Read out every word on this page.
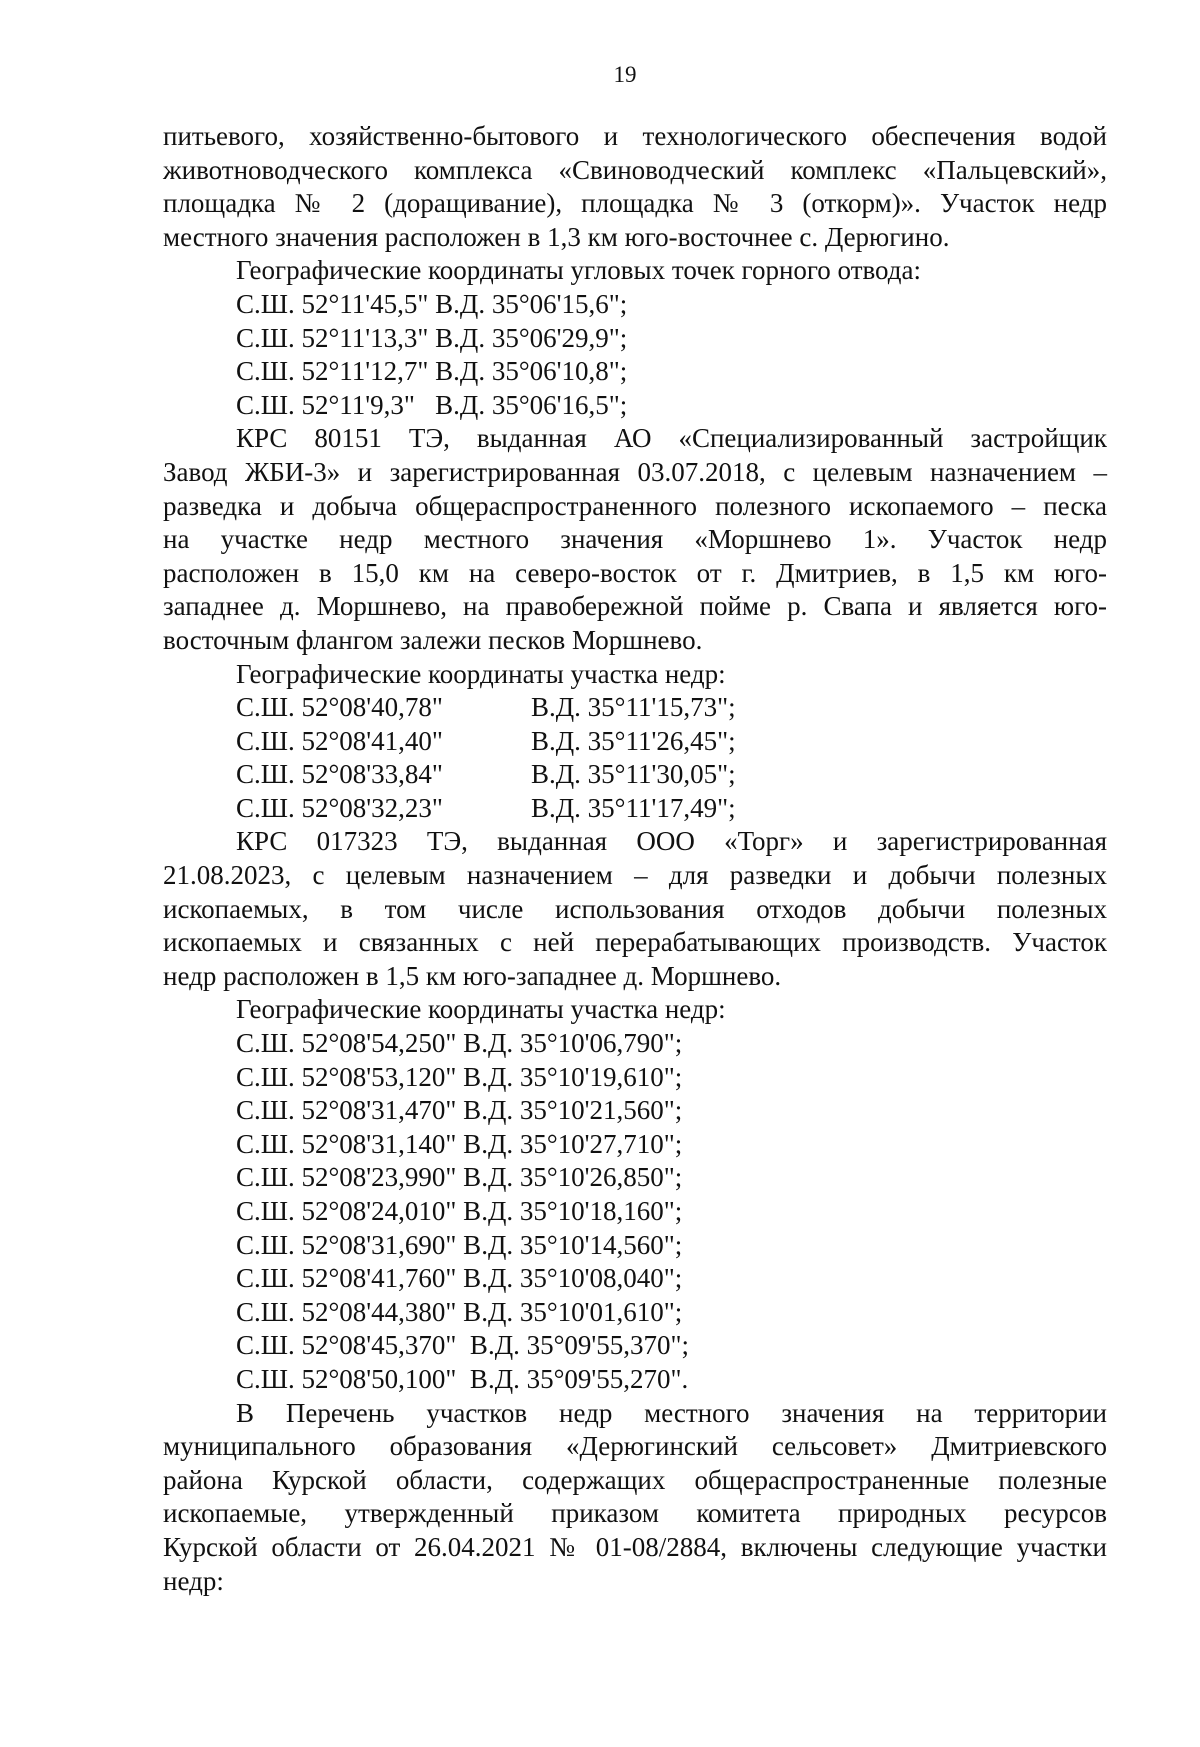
19

питьевого, хозяйственно-бытового и технологического обеспечения водой
животноводческого комплекса «Свиноводческий комплекс «Пальцевский»,
площадка № 2 (доращивание), площадка № 3 (откорм)». Участок недр
местного значения расположен в 1,3 км юго-восточнее с. Дерюгино.

Географические координаты угловых точек горного отвода:
С.Ш. 52°11'45,5" В.Д. 35°06'15,6";
С.Ш. 52°11'13,3" В.Д. 35°06'29,9";
С.Ш. 52°11'12,7" В.Д. 35°06'10,8";
С.Ш. 52°11'9,3"   В.Д. 35°06'16,5";

КРС 80151 ТЭ, выданная АО «Специализированный застройщик
Завод ЖБИ-3» и зарегистрированная 03.07.2018, с целевым назначением –
разведка и добыча общераспространенного полезного ископаемого – песка
на участке недр местного значения «Моршнево 1». Участок недр
расположен в 15,0 км на северо-восток от г. Дмитриев, в 1,5 км юго-
западнее д. Моршнево, на правобережной пойме р. Свапа и является юго-
восточным флангом залежи песков Моршнево.

Географические координаты участка недр:
С.Ш. 52°08'40,78"	В.Д. 35°11'15,73";
С.Ш. 52°08'41,40"	В.Д. 35°11'26,45";
С.Ш. 52°08'33,84"	В.Д. 35°11'30,05";
С.Ш. 52°08'32,23"	В.Д. 35°11'17,49";

КРС 017323 ТЭ, выданная ООО «Торг» и зарегистрированная
21.08.2023, с целевым назначением – для разведки и добычи полезных
ископаемых, в том числе использования отходов добычи полезных
ископаемых и связанных с ней перерабатывающих производств. Участок
недр расположен в 1,5 км юго-западнее д. Моршнево.

Географические координаты участка недр:
С.Ш. 52°08'54,250" В.Д. 35°10'06,790";
С.Ш. 52°08'53,120" В.Д. 35°10'19,610";
С.Ш. 52°08'31,470" В.Д. 35°10'21,560";
С.Ш. 52°08'31,140" В.Д. 35°10'27,710";
С.Ш. 52°08'23,990" В.Д. 35°10'26,850";
С.Ш. 52°08'24,010" В.Д. 35°10'18,160";
С.Ш. 52°08'31,690" В.Д. 35°10'14,560";
С.Ш. 52°08'41,760" В.Д. 35°10'08,040";
С.Ш. 52°08'44,380" В.Д. 35°10'01,610";
С.Ш. 52°08'45,370"  В.Д. 35°09'55,370";
С.Ш. 52°08'50,100"  В.Д. 35°09'55,270".

В Перечень участков недр местного значения на территории
муниципального образования «Дерюгинский сельсовет» Дмитриевского
района Курской области, содержащих общераспространенные полезные
ископаемые, утвержденный приказом комитета природных ресурсов
Курской области от 26.04.2021 № 01-08/2884, включены следующие участки
недр:
